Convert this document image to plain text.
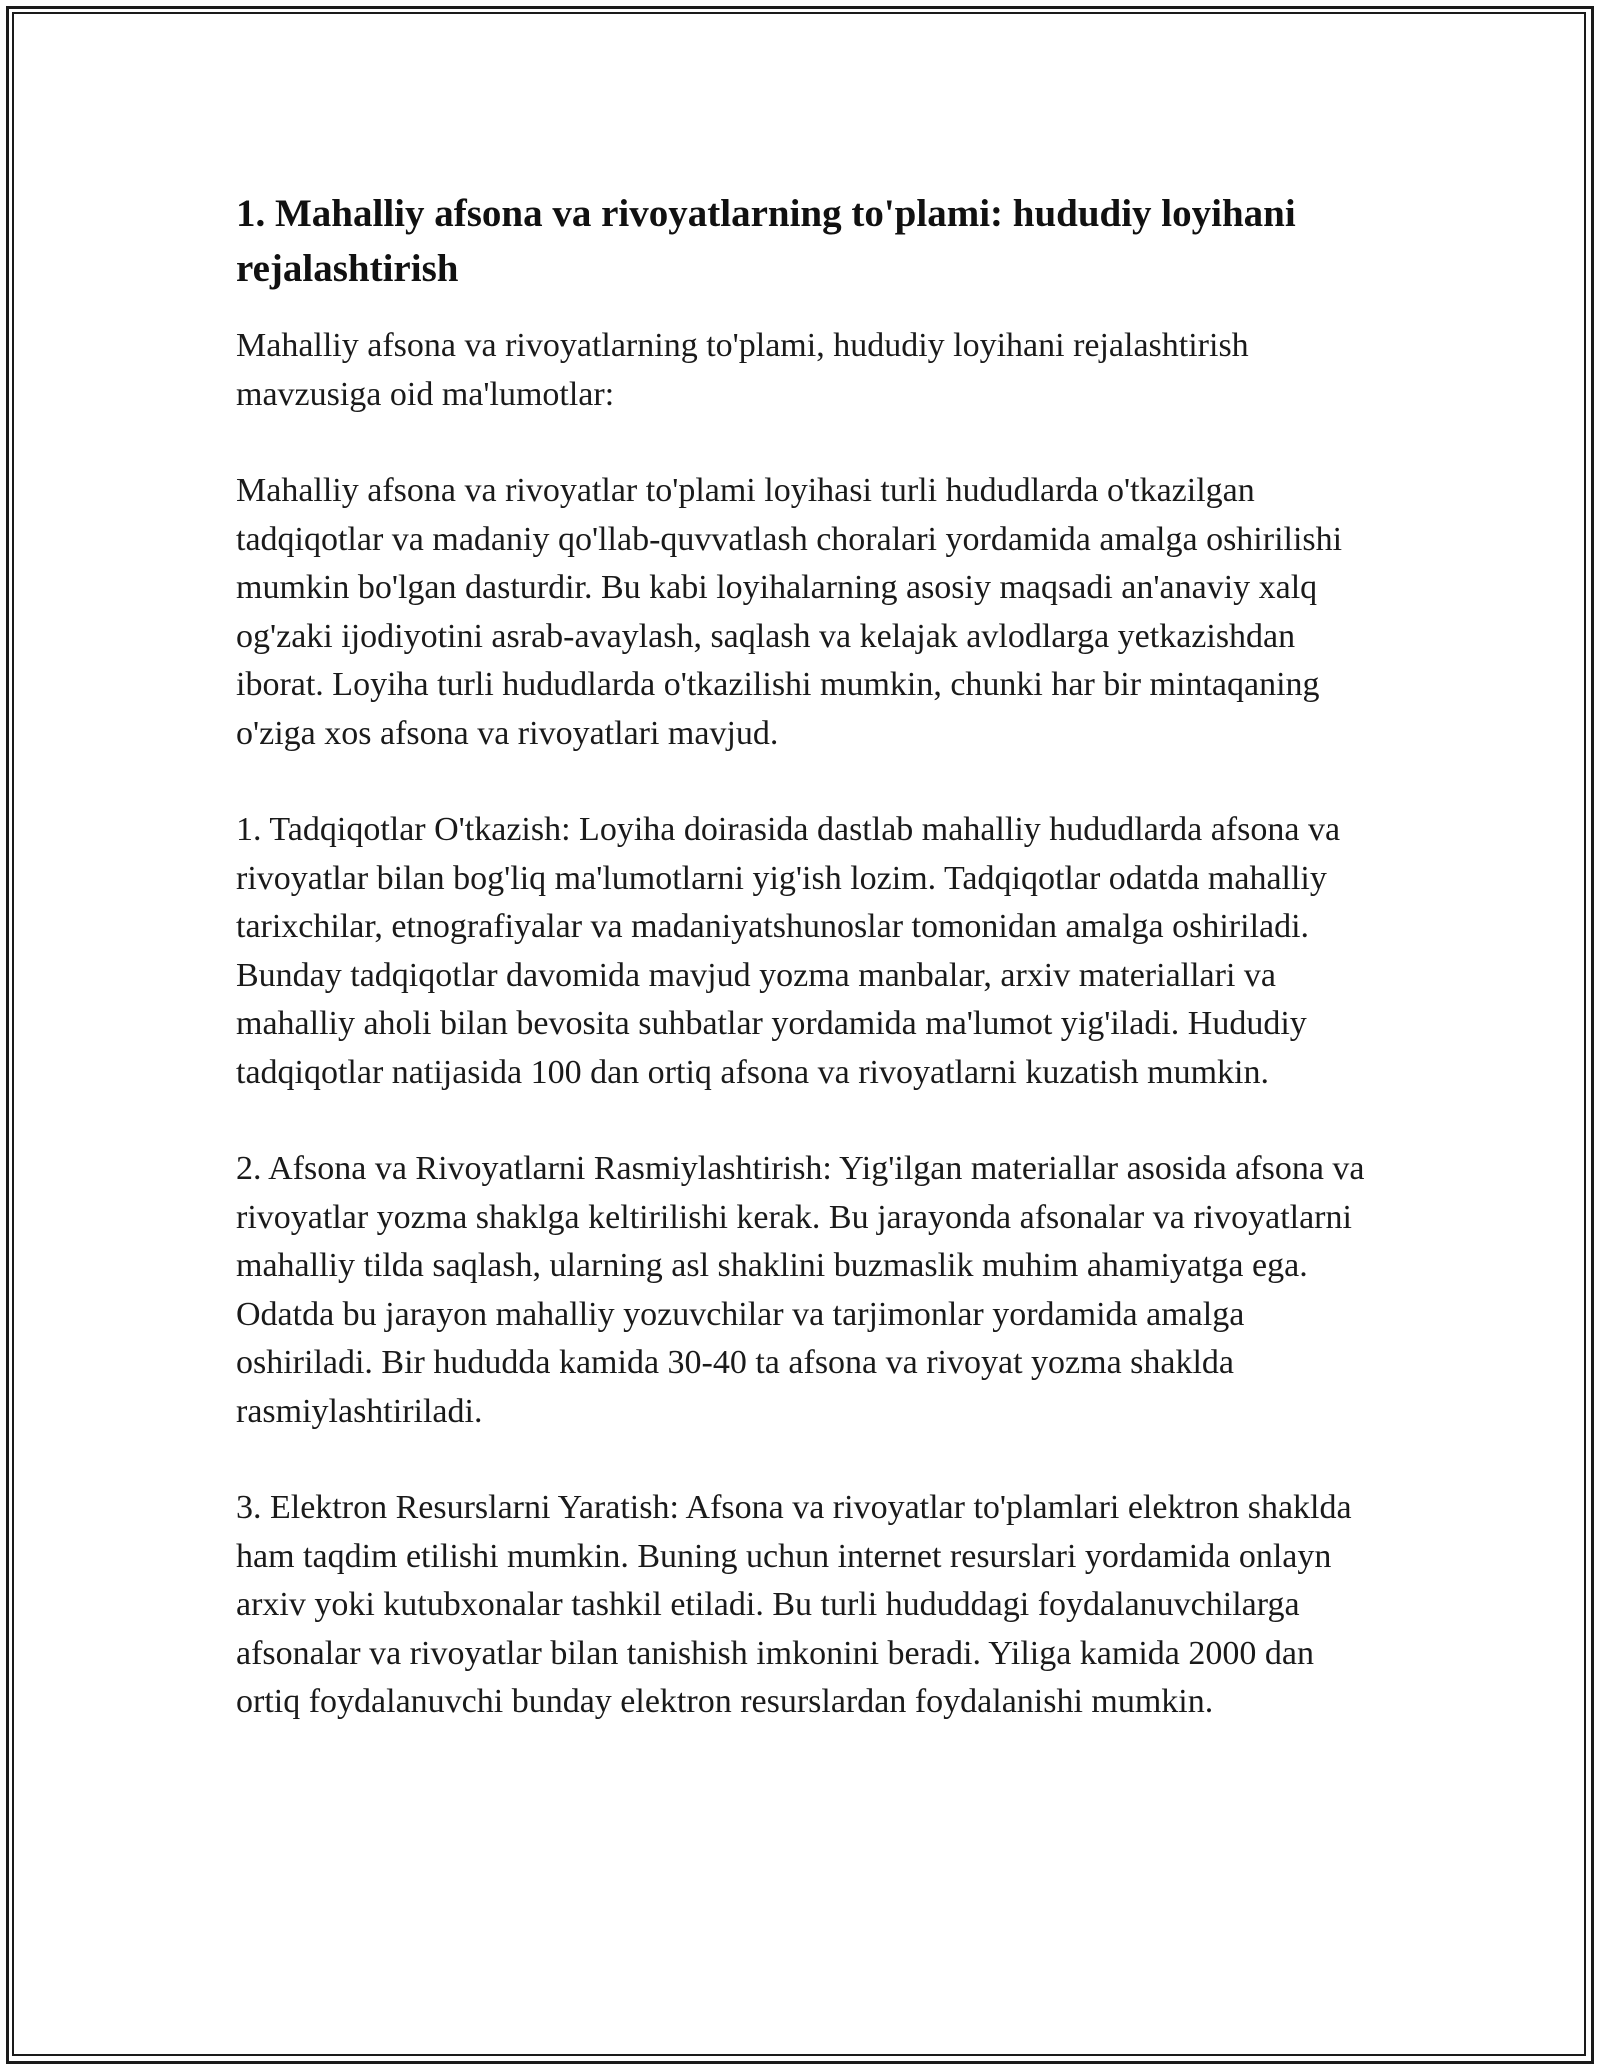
1. Mahalliy afsona va rivoyatlarning to'plami: hududiy loyihani rejalashtirish

Mahalliy afsona va rivoyatlarning to'plami, hududiy loyihani rejalashtirish mavzusiga oid ma'lumotlar:

Mahalliy afsona va rivoyatlar to'plami loyihasi turli hududlarda o'tkazilgan tadqiqotlar va madaniy qo'llab-quvvatlash choralari yordamida amalga oshirilishi mumkin bo'lgan dasturdir. Bu kabi loyihalarning asosiy maqsadi an'anaviy xalq og'zaki ijodiyotini asrab-avaylash, saqlash va kelajak avlodlarga yetkazishdan iborat. Loyiha turli hududlarda o'tkazilishi mumkin, chunki har bir mintaqaning o'ziga xos afsona va rivoyatlari mavjud.

1. Tadqiqotlar O'tkazish: Loyiha doirasida dastlab mahalliy hududlarda afsona va rivoyatlar bilan bog'liq ma'lumotlarni yig'ish lozim. Tadqiqotlar odatda mahalliy tarixchilar, etnografiyalar va madaniyatshunoslar tomonidan amalga oshiriladi. Bunday tadqiqotlar davomida mavjud yozma manbalar, arxiv materiallari va mahalliy aholi bilan bevosita suhbatlar yordamida ma'lumot yig'iladi. Hududiy tadqiqotlar natijasida 100 dan ortiq afsona va rivoyatlarni kuzatish mumkin.

2. Afsona va Rivoyatlarni Rasmiylashtirish: Yig'ilgan materiallar asosida afsona va rivoyatlar yozma shaklga keltirilishi kerak. Bu jarayonda afsonalar va rivoyatlarni mahalliy tilda saqlash, ularning asl shaklini buzmaslik muhim ahamiyatga ega. Odatda bu jarayon mahalliy yozuvchilar va tarjimonlar yordamida amalga oshiriladi. Bir hududda kamida 30-40 ta afsona va rivoyat yozma shaklda rasmiylashtiriladi.

3. Elektron Resurslarni Yaratish: Afsona va rivoyatlar to'plamlari elektron shaklda ham taqdim etilishi mumkin. Buning uchun internet resurslari yordamida onlayn arxiv yoki kutubxonalar tashkil etiladi. Bu turli hududdagi foydalanuvchilarga afsonalar va rivoyatlar bilan tanishish imkonini beradi. Yiliga kamida 2000 dan ortiq foydalanuvchi bunday elektron resurslardan foydalanishi mumkin.
